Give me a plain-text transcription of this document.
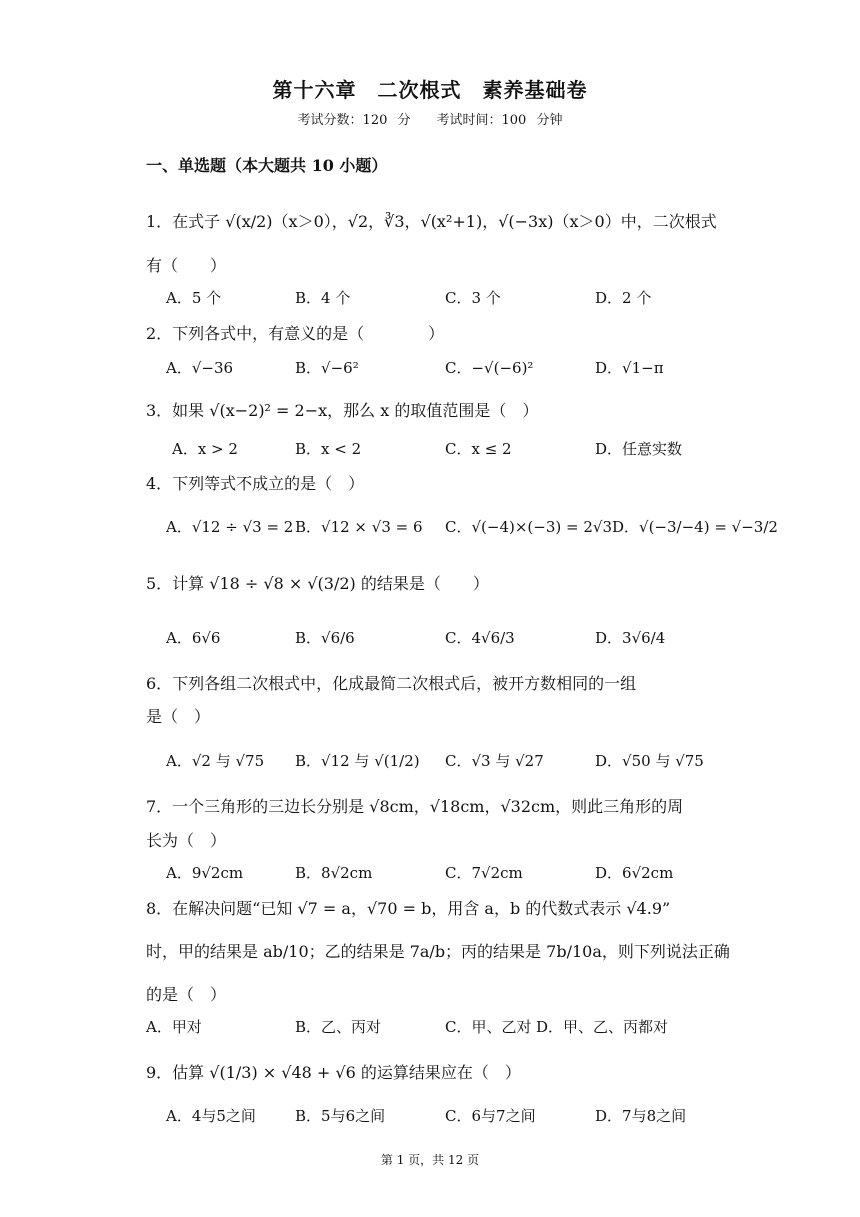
第十六章　二次根式　素养基础卷
考试分数：120 分　　考试时间：100 分钟
一、单选题（本大题共 10 小题）
1．在式子 √(x/2)（x＞0），√2，∛3，√(x²+1)，√(−3x)（x＞0）中，二次根式
有（　　）
A．5 个	B．4 个	C．3 个	D．2 个
2．下列各式中，有意义的是（　　　　）
A．√−36	B．√−6²	C．−√(−6)²	D．√1−π
3．如果 √(x−2)² = 2−x，那么 x 的取值范围是（　）
A．x > 2	B．x < 2	C．x ≤ 2	D．任意实数
4．下列等式不成立的是（　）
A．√12 ÷ √3 = 2 B．√12 × √3 = 6 C．√(−4)×(−3) = 2√3 D．√(−3/−4) = √−3/2
5．计算 √18 ÷ √8 × √(3/2) 的结果是（　　）
A．6√6	B．√6/6	C．4√6/3	D．3√6/4
6．下列各组二次根式中，化成最简二次根式后，被开方数相同的一组
是（　）
A．√2 与 √75 B．√12 与 √(1/2) C．√3 与 √27	D．√50 与 √75
7．一个三角形的三边长分别是 √8cm，√18cm，√32cm，则此三角形的周
长为（　）
A．9√2cm	B．8√2cm	C．7√2cm	D．6√2cm
8．在解决问题“已知 √7 = a，√70 = b，用含 a，b 的代数式表示 √4.9”
时，甲的结果是 ab/10；乙的结果是 7a/b；丙的结果是 7b/10a，则下列说法正确
的是（　）
A．甲对	B．乙、丙对	C．甲、乙对 D．甲、乙、丙都对
9．估算 √(1/3) × √48 + √6 的运算结果应在（　）
A．4与5之间	B．5与6之间	C．6与7之间	D．7与8之间
第 1 页，共 12 页
